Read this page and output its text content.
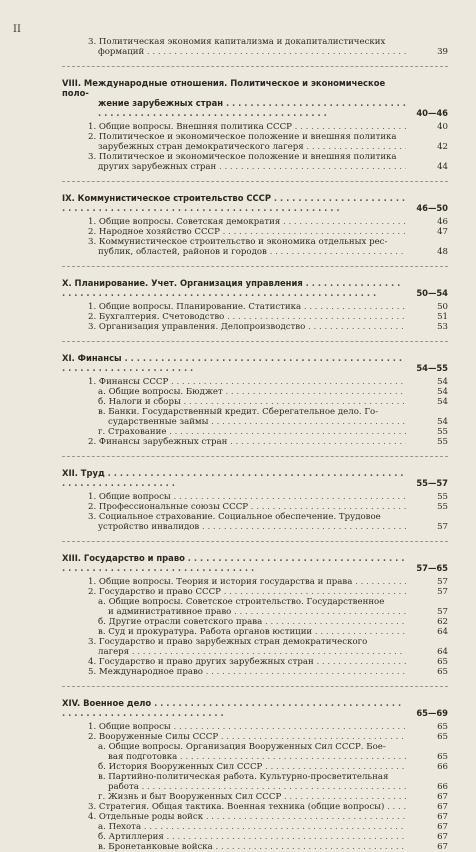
II
3. Политическая экономия капитализма и докапиталистических
формаций . . .	39
VIII. Международные отношения. Политическое и экономическое поло-
жение зарубежных стран . . .
40—46
1. Общие вопросы. Внешняя политика СССР . . .	40
2. Политическое и экономическое положение и внешняя политика
зарубежных стран демократического лагеря . . .	42
3. Политическое и экономическое положение и внешняя политика
других зарубежных стран . . .	44
IX. Коммунистическое строительство СССР . . .
46—50
1. Общие вопросы. Советская демократия . . .	46
2. Народное хозяйство СССР . . .	47
3. Коммунистическое строительство и экономика отдельных рес-
публик, областей, районов и городов . . .	48
X. Планирование. Учет. Организация управления . . .
50—54
1. Общие вопросы. Планирование. Статистика . . .	50
2. Бухгалтерия. Счетоводство . . .	51
3. Организация управления. Делопроизводство . . .	53
XI. Финансы . . .
54—55
1. Финансы СССР . . .	54
а. Общие вопросы. Бюджет . . .	54
б. Налоги и сборы . . .	54
в. Банки. Государственный кредит. Сберегательное дело. Го-
сударственные займы . . .	54
г. Страхование . . .	55
2. Финансы зарубежных стран . . .	55
XII. Труд . . .
55—57
1. Общие вопросы . . .	55
2. Профессиональные союзы СССР . . .	55
3. Социальное страхование. Социальное обеспечение. Трудовое
устройство инвалидов . . .	57
XIII. Государство и право . . .
57—65
1. Общие вопросы. Теория и история государства и права . . .	57
2. Государство и право СССР . . .	57
а. Общие вопросы. Советское строительство. Государственное
и административное право . . .	57
б. Другие отрасли советского права . . .	62
в. Суд и прокуратура. Работа органов юстиции . . .	64
3. Государство и право зарубежных стран демократического
лагеря . . .	64
4. Государство и право других зарубежных стран . . .	65
5. Международное право . . .	65
XIV. Военное дело . . .
65—69
1. Общие вопросы . . .	65
2. Вооруженные Силы СССР . . .	65
а. Общие вопросы. Организация Вооруженных Сил СССР. Бое-
вая подготовка . . .	65
б. История Вооруженных Сил СССР . . .	66
в. Партийно-политическая работа. Культурно-просветительная
работа . . .	66
г. Жизнь и быт Вооруженных Сил СССР . . .	67
3. Стратегия. Общая тактика. Военная техника (общие вопросы) . . .	67
4. Отдельные роды войск . . .	67
а. Пехота . . .	67
б. Артиллерия . . .	67
в. Бронетанковые войска . . .	67
